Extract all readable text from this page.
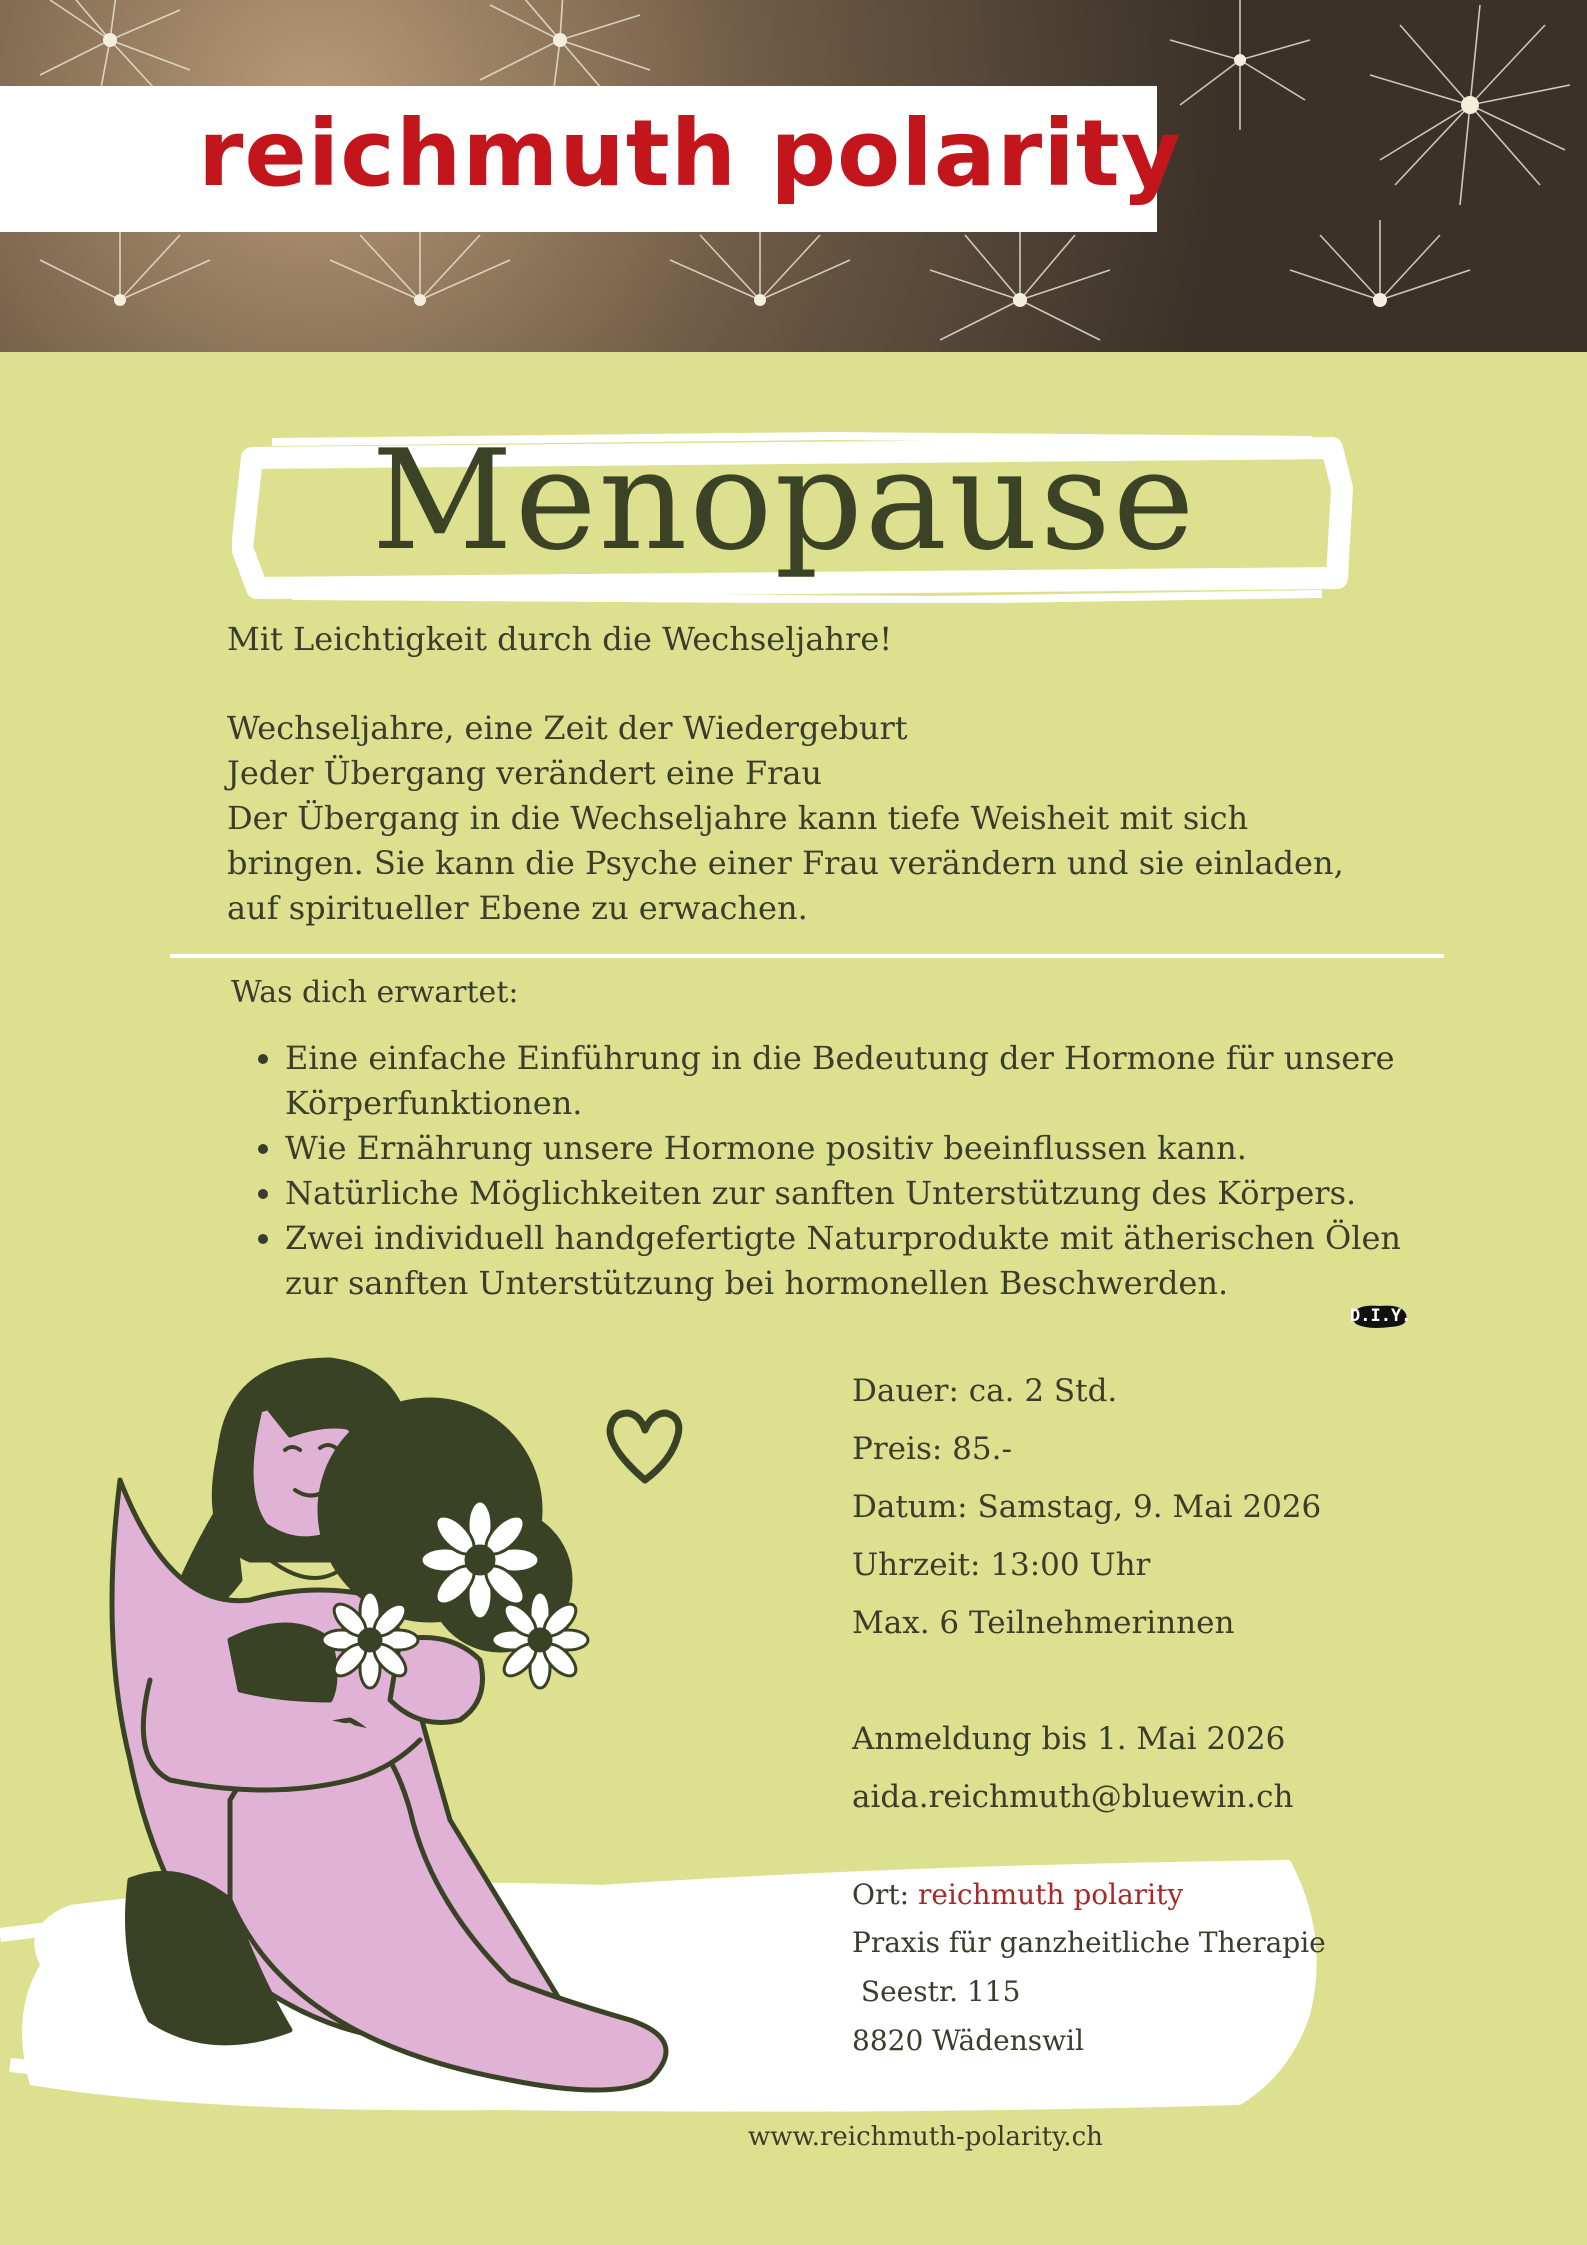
reichmuth polarity
Menopause
Mit Leichtigkeit durch die Wechseljahre!
Wechseljahre, eine Zeit der Wiedergeburt
Jeder Übergang verändert eine Frau
Der Übergang in die Wechseljahre kann tiefe Weisheit mit sich
bringen. Sie kann die Psyche einer Frau verändern und sie einladen,
auf spiritueller Ebene zu erwachen.
Was dich erwartet:
• Eine einfache Einführung in die Bedeutung der Hormone für unsere Körperfunktionen.
• Wie Ernährung unsere Hormone positiv beeinflussen kann.
• Natürliche Möglichkeiten zur sanften Unterstützung des Körpers.
• Zwei individuell handgefertigte Naturprodukte mit ätherischen Ölen zur sanften Unterstützung bei hormonellen Beschwerden.
D.I.Y.
Dauer: ca. 2 Std.
Preis: 85.-
Datum: Samstag, 9. Mai 2026
Uhrzeit: 13:00 Uhr
Max. 6 Teilnehmerinnen
Anmeldung bis 1. Mai 2026
aida.reichmuth@bluewin.ch
Ort: reichmuth polarity
Praxis für ganzheitliche Therapie
Seestr. 115
8820 Wädenswil
www.reichmuth-polarity.ch
